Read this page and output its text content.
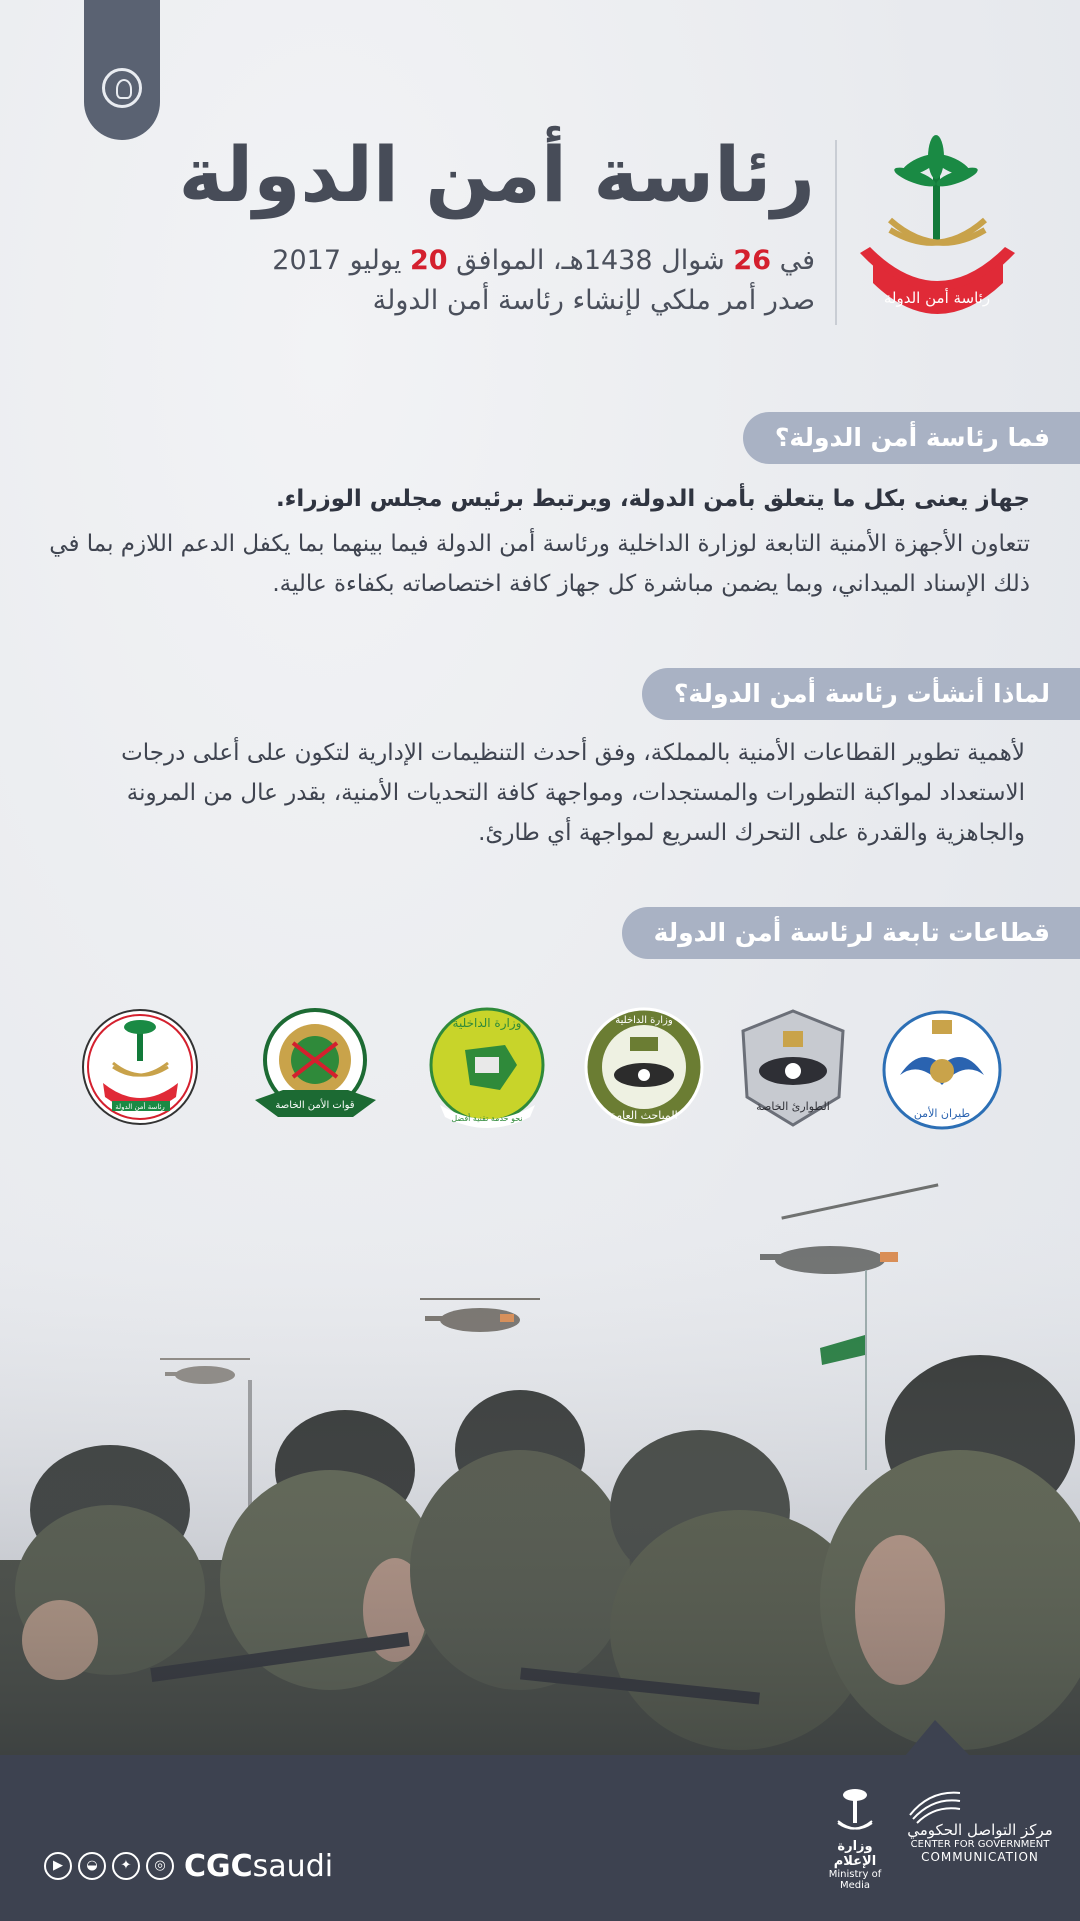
رئاسة أمن الدولة
في 26 شوال 1438هـ، الموافق 20 يوليو 2017
صدر أمر ملكي لإنشاء رئاسة أمن الدولة	رئاسة أمن الدولة
فما رئاسة أمن الدولة؟
جهاز يعنى بكل ما يتعلق بأمن الدولة، ويرتبط برئيس مجلس الوزراء.
تتعاون الأجهزة الأمنية التابعة لوزارة الداخلية ورئاسة أمن الدولة فيما بينهما بما يكفل الدعم اللازم بما في ذلك الإسناد الميداني، وبما يضمن مباشرة كل جهاز كافة اختصاصاته بكفاءة عالية.
لماذا أنشأت رئاسة أمن الدولة؟
لأهمية تطوير القطاعات الأمنية بالمملكة، وفق أحدث التنظيمات الإدارية لتكون على أعلى درجات الاستعداد لمواكبة التطورات والمستجدات، ومواجهة كافة التحديات الأمنية، بقدر عال من المرونة والجاهزية والقدرة على التحرك السريع لمواجهة أي طارئ.
قطاعات تابعة لرئاسة أمن الدولة
طيران الأمن
الطوارئ الخاصة
وزارة الداخلية
المباحث العامة
وزارة الداخلية
نحو خدمة تقنية أفضل
قوات الأمن الخاصة
رئاسة أمن الدولة
▶	◒	✦	◎ CGCsaudi
وزارة الإعلام
Ministry of Media
مركز التواصل الحكومي
CENTER FOR GOVERNMENT
COMMUNICATION
